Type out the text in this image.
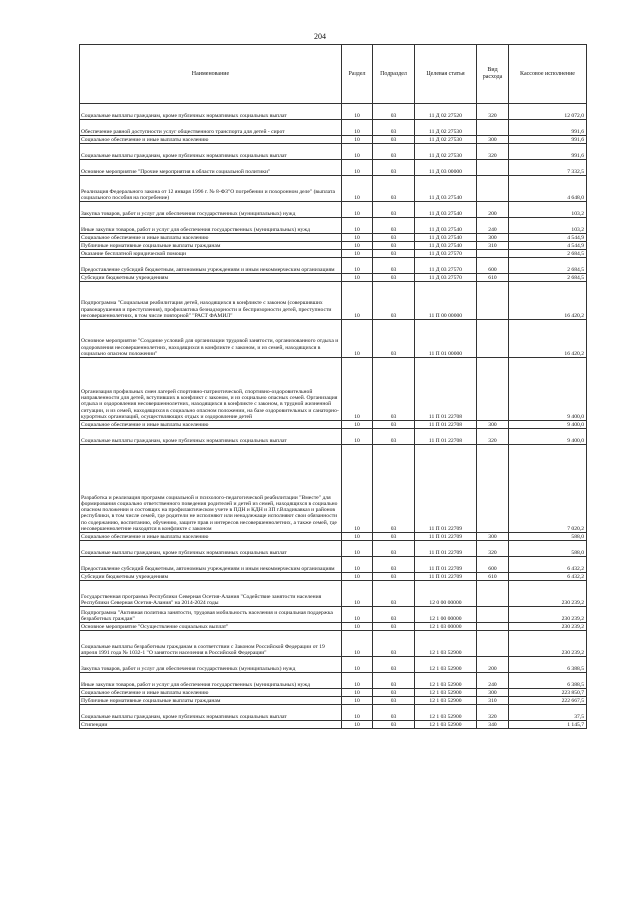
204
Наименование	Раздел	Подраздел	Целевая статья	Вид расхода	Кассовое исполнение
Социальные выплаты гражданам, кроме публичных нормативных социальных выплат	10	03	11 Д 02 27520	320	12 072,0
Обеспечение равной доступности услуг общественного транспорта для детей - сирот	10	03	11 Д 02 27530		991,6
Социальное обеспечение и иные выплаты населению	10	03	11 Д 02 27530	300	991,6
Социальные выплаты гражданам, кроме публичных нормативных социальных выплат	10	03	11 Д 02 27530	320	991,6
Основное мероприятие "Прочие мероприятия в области социальной политики"	10	03	11 Д 03 00000		7 332,5
Реализация Федерального закона от 12 января 1996 г. № 8-ФЗ"О погребении и похоронном деле" (выплата социального пособия на погребение)	10	03	11 Д 03 27540		4 648,0
Закупка товаров, работ и услуг для обеспечения государственных (муниципальных) нужд	10	03	11 Д 03 27540	200	103,2
Иные закупки товаров, работ и услуг для обеспечения государственных (муниципальных) нужд	10	03	11 Д 03 27540	240	103,2
Социальное обеспечение и иные выплаты населению	10	03	11 Д 03 27540	300	4 544,9
Публичные нормативные социальные выплаты гражданам	10	03	11 Д 03 27540	310	4 544,9
Оказание бесплатной юридической помощи	10	03	11 Д 03 27570		2 684,5
Предоставление субсидий бюджетным, автономным учреждениям и иным некоммерческим организациям	10	03	11 Д 03 27570	600	2 684,5
Субсидии бюджетным учреждениям	10	03	11 Д 03 27570	610	2 684,5
Подпрограмма "Социальная реабилитация детей, находящихся в конфликте с законом (совершивших правонарушения и преступления), профилактика безнадзорности и беспризорности детей, преступности несовершеннолетних, в том числе повторной" "РАСТ ФАМИЛ"	10	03	11 П 00 00000		16 420,2
Основное мероприятие "Создание условий для организации трудовой занятости, организованного отдыха и оздоровления несовершеннолетних, находящихся в конфликте с законом, и из семей, находящихся в социально опасном положении"	10	03	11 П 01 00000		16 420,2
Организация профильных смен лагерей спортивно-патриотической, спортивно-оздоровительной направленности для детей, вступивших в конфликт с законом, и из социально опасных семей. Организация отдыха и оздоровления несовершеннолетних, находящихся в конфликте с законом, в трудной жизненной ситуации, и из семей, находящихся в социально опасном положении, на базе оздоровительных и санаторно-курортных организаций, осуществляющих отдых и оздоровление детей	10	03	11 П 01 22708		9 400,0
Социальное обеспечение и иные выплаты населению	10	03	11 П 01 22708	300	9 400,0
Социальные выплаты гражданам, кроме публичных нормативных социальных выплат	10	03	11 П 01 22708	320	9 400,0
Разработка и реализация программ социальной и психолого-педагогической реабилитации "Вместе" для формирования социально ответственного поведения родителей и детей из семей, находящихся в социально опасном положении и состоящих на профилактическом учете в ПДН и КДН и ЗП г.Владикавказ и районов республики, в том числе семей, где родители не исполняют или ненадлежаще исполняют свои обязанности по содержанию, воспитанию, обучению, защите прав и интересов несовершеннолетних, а также семей, где несовершеннолетние находятся в конфликте с законом	10	03	11 П 01 22709		7 020,2
Социальное обеспечение и иные выплаты населению	10	03	11 П 01 22709	300	588,0
Социальные выплаты гражданам, кроме публичных нормативных социальных выплат	10	03	11 П 01 22709	320	588,0
Предоставление субсидий бюджетным, автономным учреждениям и иным некоммерческим организациям	10	03	11 П 01 22709	600	6 432,2
Субсидии бюджетным учреждениям	10	03	11 П 01 22709	610	6 432,2
Государственная программа Республики Северная Осетия-Алания "Содействие занятости населения Республики Северная Осетия-Алания" на 2014-2024 годы	10	03	12 0 00 00000		230 239,2
Подпрограмма "Активная политика занятости, трудовая мобильность населения и социальная поддержка безработных граждан"	10	03	12 1 00 00000		230 239,2
Основное мероприятие "Осуществление социальных выплат"	10	03	12 1 03 00000		230 239,2
Социальные выплаты безработным гражданам в соответствии с Законом Российской Федерации от 19 апреля 1991 года № 1032-1 "О занятости населения в Российской Федерации"	10	03	12 1 03 52900		230 239,2
Закупка товаров, работ и услуг для обеспечения государственных (муниципальных) нужд	10	03	12 1 03 52900	200	6 388,5
Иные закупки товаров, работ и услуг для обеспечения государственных (муниципальных) нужд	10	03	12 1 03 52900	240	6 388,5
Социальное обеспечение и иные выплаты населению	10	03	12 1 03 52900	300	223 850,7
Публичные нормативные социальные выплаты гражданам	10	03	12 1 03 52900	310	222 667,5
Социальные выплаты гражданам, кроме публичных нормативных социальных выплат	10	03	12 1 03 52900	320	37,5
Стипендии	10	03	12 1 03 52900	340	1 145,7
